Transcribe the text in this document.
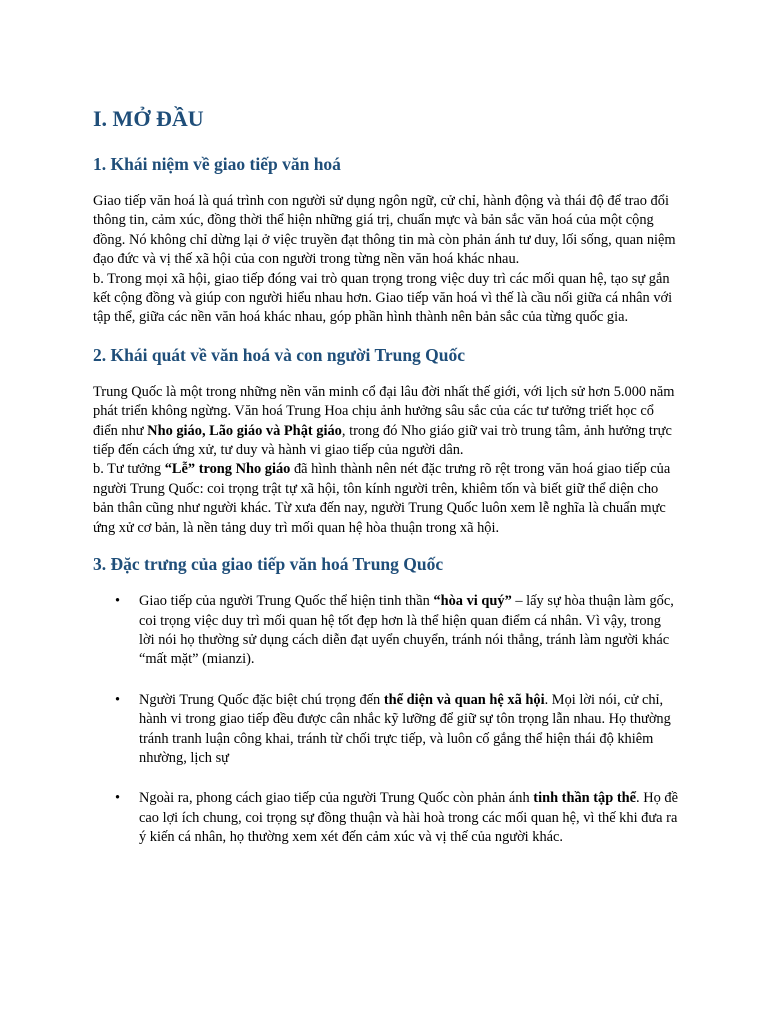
I. MỞ ĐẦU
1. Khái niệm về giao tiếp văn hoá

Giao tiếp văn hoá là quá trình con người sử dụng ngôn ngữ, cử chỉ, hành động và thái độ để trao đổi thông tin, cảm xúc, đồng thời thể hiện những giá trị, chuẩn mực và bản sắc văn hoá của một cộng đồng. Nó không chỉ dừng lại ở việc truyền đạt thông tin mà còn phản ánh tư duy, lối sống, quan niệm đạo đức và vị thế xã hội của con người trong từng nền văn hoá khác nhau.

b. Trong mọi xã hội, giao tiếp đóng vai trò quan trọng trong việc duy trì các mối quan hệ, tạo sự gắn kết cộng đồng và giúp con người hiểu nhau hơn. Giao tiếp văn hoá vì thế là cầu nối giữa cá nhân với tập thể, giữa các nền văn hoá khác nhau, góp phần hình thành nên bản sắc của từng quốc gia.

2. Khái quát về văn hoá và con người Trung Quốc

Trung Quốc là một trong những nền văn minh cổ đại lâu đời nhất thế giới, với lịch sử hơn 5.000 năm phát triển không ngừng. Văn hoá Trung Hoa chịu ảnh hưởng sâu sắc của các tư tưởng triết học cổ điển như Nho giáo, Lão giáo và Phật giáo, trong đó Nho giáo giữ vai trò trung tâm, ảnh hưởng trực tiếp đến cách ứng xử, tư duy và hành vi giao tiếp của người dân.

b. Tư tưởng “Lễ” trong Nho giáo đã hình thành nên nét đặc trưng rõ rệt trong văn hoá giao tiếp của người Trung Quốc: coi trọng trật tự xã hội, tôn kính người trên, khiêm tốn và biết giữ thể diện cho bản thân cũng như người khác. Từ xưa đến nay, người Trung Quốc luôn xem lễ nghĩa là chuẩn mực ứng xử cơ bản, là nền tảng duy trì mối quan hệ hòa thuận trong xã hội.

3. Đặc trưng của giao tiếp văn hoá Trung Quốc

• Giao tiếp của người Trung Quốc thể hiện tinh thần “hòa vi quý” – lấy sự hòa thuận làm gốc, coi trọng việc duy trì mối quan hệ tốt đẹp hơn là thể hiện quan điểm cá nhân. Vì vậy, trong lời nói họ thường sử dụng cách diễn đạt uyển chuyển, tránh nói thẳng, tránh làm người khác “mất mặt” (mianzi).

• Người Trung Quốc đặc biệt chú trọng đến thể diện và quan hệ xã hội. Mọi lời nói, cử chỉ, hành vi trong giao tiếp đều được cân nhắc kỹ lưỡng để giữ sự tôn trọng lẫn nhau. Họ thường tránh tranh luận công khai, tránh từ chối trực tiếp, và luôn cố gắng thể hiện thái độ khiêm nhường, lịch sự

• Ngoài ra, phong cách giao tiếp của người Trung Quốc còn phản ánh tinh thần tập thể. Họ đề cao lợi ích chung, coi trọng sự đồng thuận và hài hoà trong các mối quan hệ, vì thế khi đưa ra ý kiến cá nhân, họ thường xem xét đến cảm xúc và vị thế của người khác.
